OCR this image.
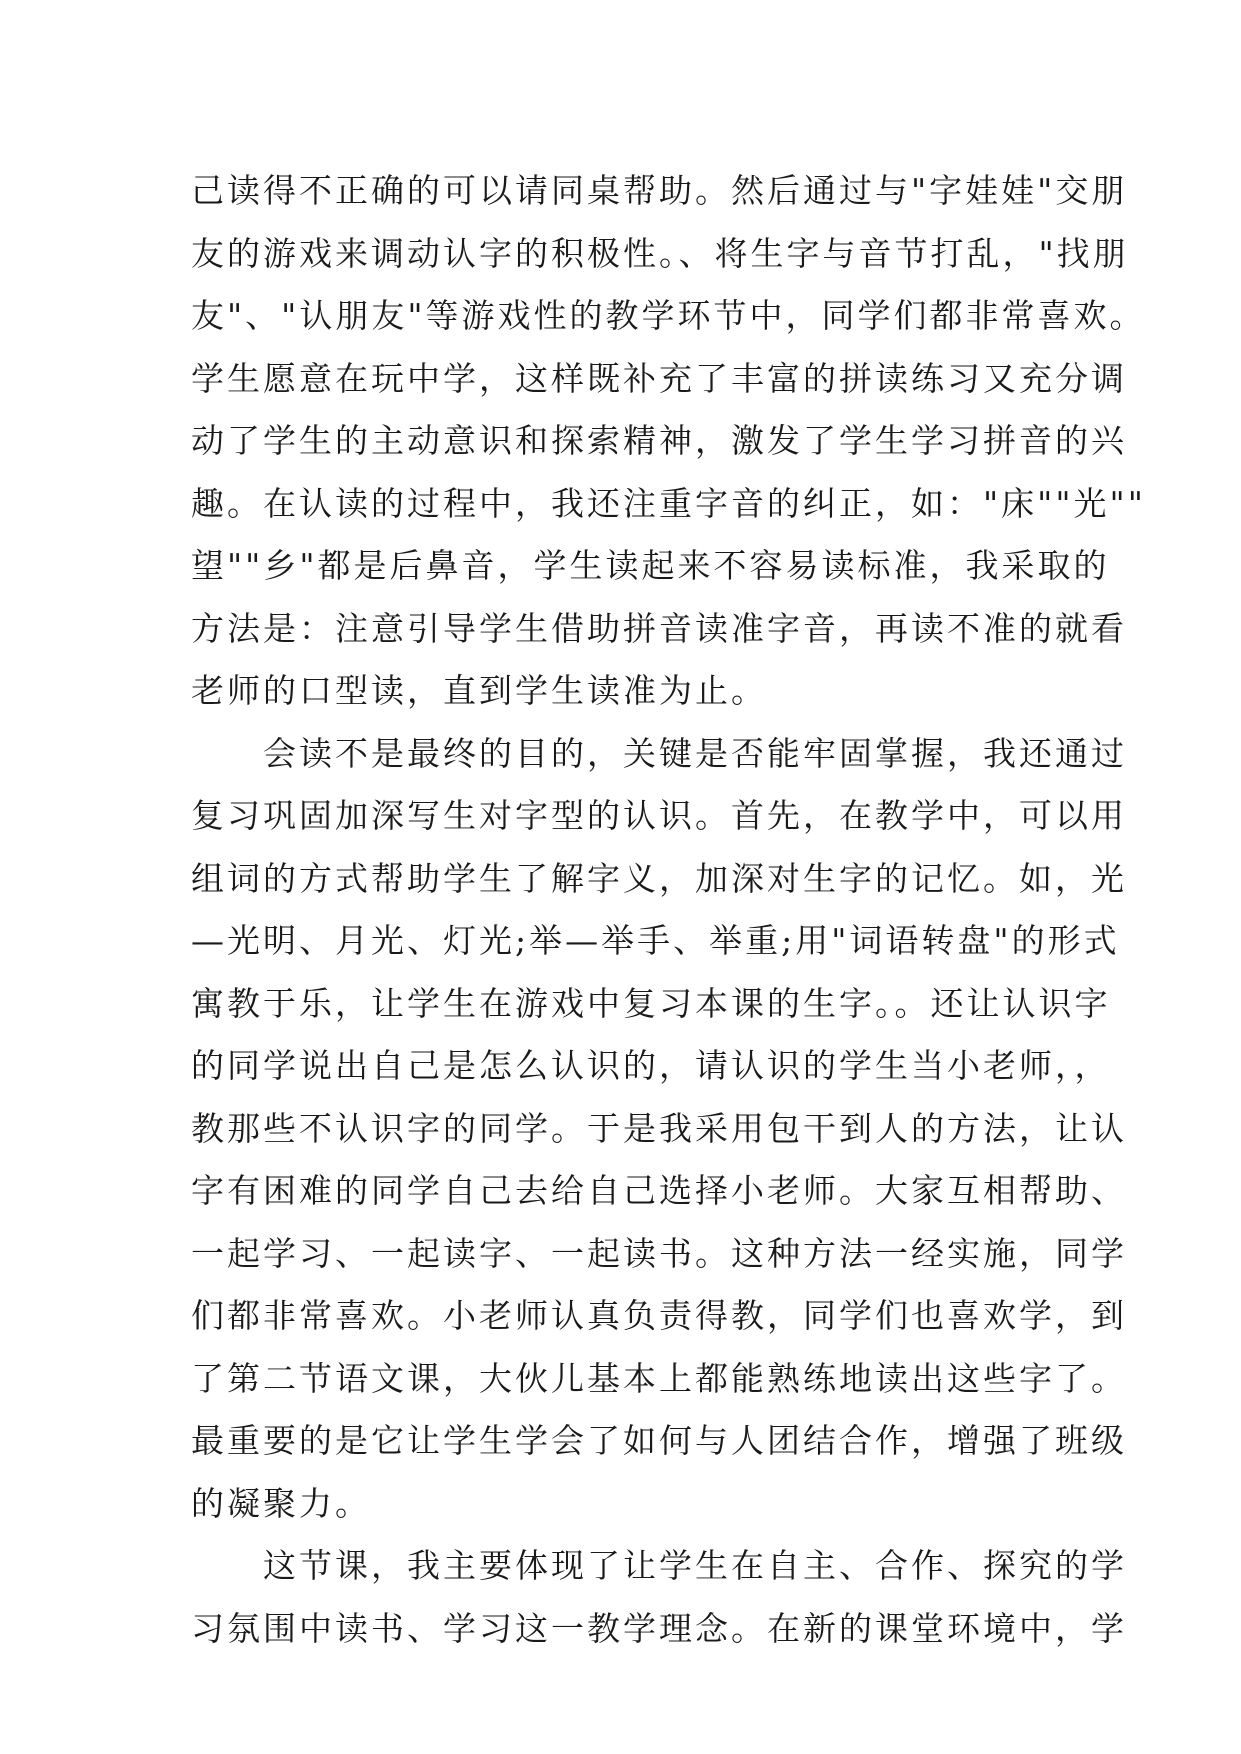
己读得不正确的可以请同桌帮助。然后通过与"字娃娃"交朋
友的游戏来调动认字的积极性。、将生字与音节打乱，"找朋
友"、"认朋友"等游戏性的教学环节中，同学们都非常喜欢。
学生愿意在玩中学，这样既补充了丰富的拼读练习又充分调
动了学生的主动意识和探索精神，激发了学生学习拼音的兴
趣。在认读的过程中，我还注重字音的纠正，如："床""光""
望""乡"都是后鼻音，学生读起来不容易读标准，我采取的
方法是：注意引导学生借助拼音读准字音，再读不准的就看
老师的口型读，直到学生读准为止。
　　会读不是最终的目的，关键是否能牢固掌握，我还通过
复习巩固加深写生对字型的认识。首先，在教学中，可以用
组词的方式帮助学生了解字义，加深对生字的记忆。如，光
—光明、月光、灯光;举—举手、举重;用"词语转盘"的形式
寓教于乐，让学生在游戏中复习本课的生字。。还让认识字
的同学说出自己是怎么认识的，请认识的学生当小老师，，
教那些不认识字的同学。于是我采用包干到人的方法，让认
字有困难的同学自己去给自己选择小老师。大家互相帮助、
一起学习、一起读字、一起读书。这种方法一经实施，同学
们都非常喜欢。小老师认真负责得教，同学们也喜欢学，到
了第二节语文课，大伙儿基本上都能熟练地读出这些字了。
最重要的是它让学生学会了如何与人团结合作，增强了班级
的凝聚力。
　　这节课，我主要体现了让学生在自主、合作、探究的学
习氛围中读书、学习这一教学理念。在新的课堂环境中，学
